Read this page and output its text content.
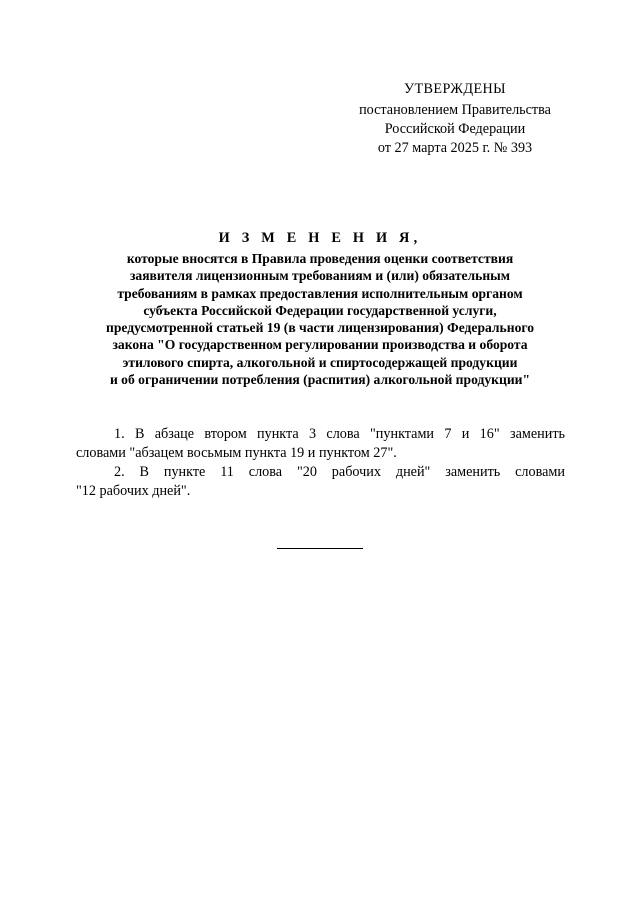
УТВЕРЖДЕНЫ
постановлением Правительства
Российской Федерации
от 27 марта 2025 г. № 393
И З М Е Н Е Н И Я,
которые вносятся в Правила проведения оценки соответствия
заявителя лицензионным требованиям и (или) обязательным
требованиям в рамках предоставления исполнительным органом
субъекта Российской Федерации государственной услуги,
предусмотренной статьей 19 (в части лицензирования) Федерального
закона "О государственном регулировании производства и оборота
этилового спирта, алкогольной и спиртосодержащей продукции
и об ограничении потребления (распития) алкогольной продукции"

1. В абзаце втором пункта 3 слова "пунктами 7 и 16" заменить
словами "абзацем восьмым пункта 19 и пунктом 27".

2. В пункте 11 слова "20 рабочих дней" заменить словами
"12 рабочих дней".
